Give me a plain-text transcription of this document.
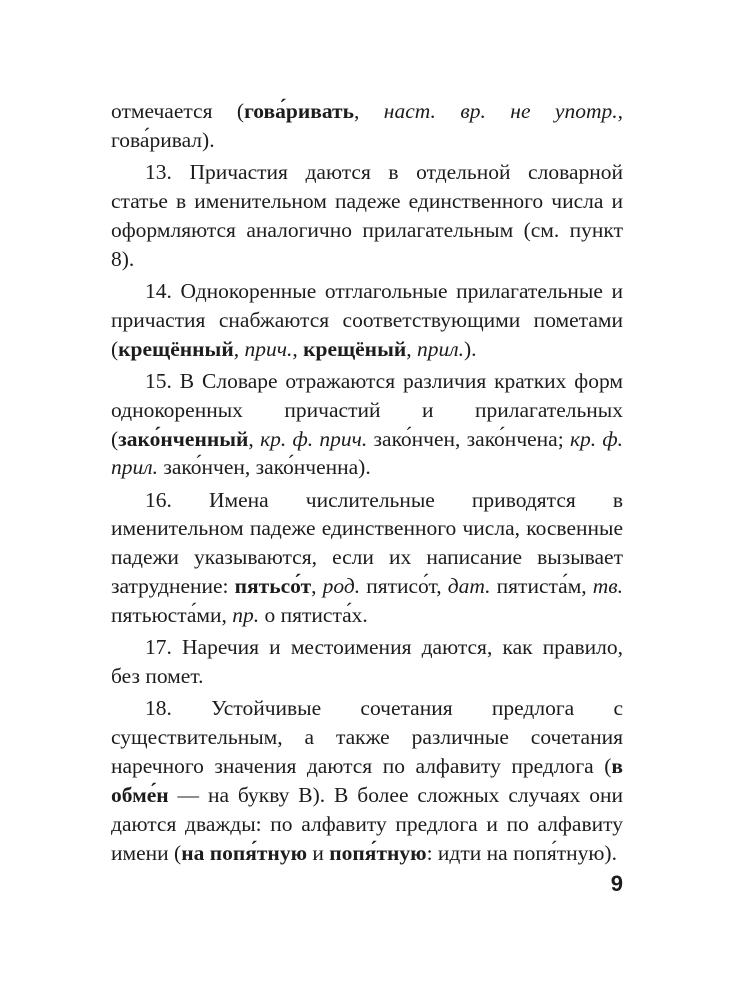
отмечается (гова́ривать, наст. вр. не употр., гова́ривал).

13. Причастия даются в отдельной словарной статье в именительном падеже единственного числа и оформляются аналогично прилагательным (см. пункт 8).

14. Однокоренные отглагольные прилагательные и причастия снабжаются соответствующими пометами (крещённый, прич., крещёный, прил.).

15. В Словаре отражаются различия кратких форм однокоренных причастий и прилагательных (зако́нченный, кр. ф. прич. зако́нчен, зако́нчена; кр. ф. прил. зако́нчен, зако́нченна).

16. Имена числительные приводятся в именительном падеже единственного числа, косвенные падежи указываются, если их написание вызывает затруднение: пятьсо́т, род. пятисо́т, дат. пятиста́м, тв. пятьюста́ми, пр. о пятиста́х.

17. Наречия и местоимения даются, как правило, без помет.

18. Устойчивые сочетания предлога с существительным, а также различные сочетания наречного значения даются по алфавиту предлога (в обме́н — на букву В). В более сложных случаях они даются дважды: по алфавиту предлога и по алфавиту имени (на попя́тную и попя́тную: идти на попя́тную).

9
